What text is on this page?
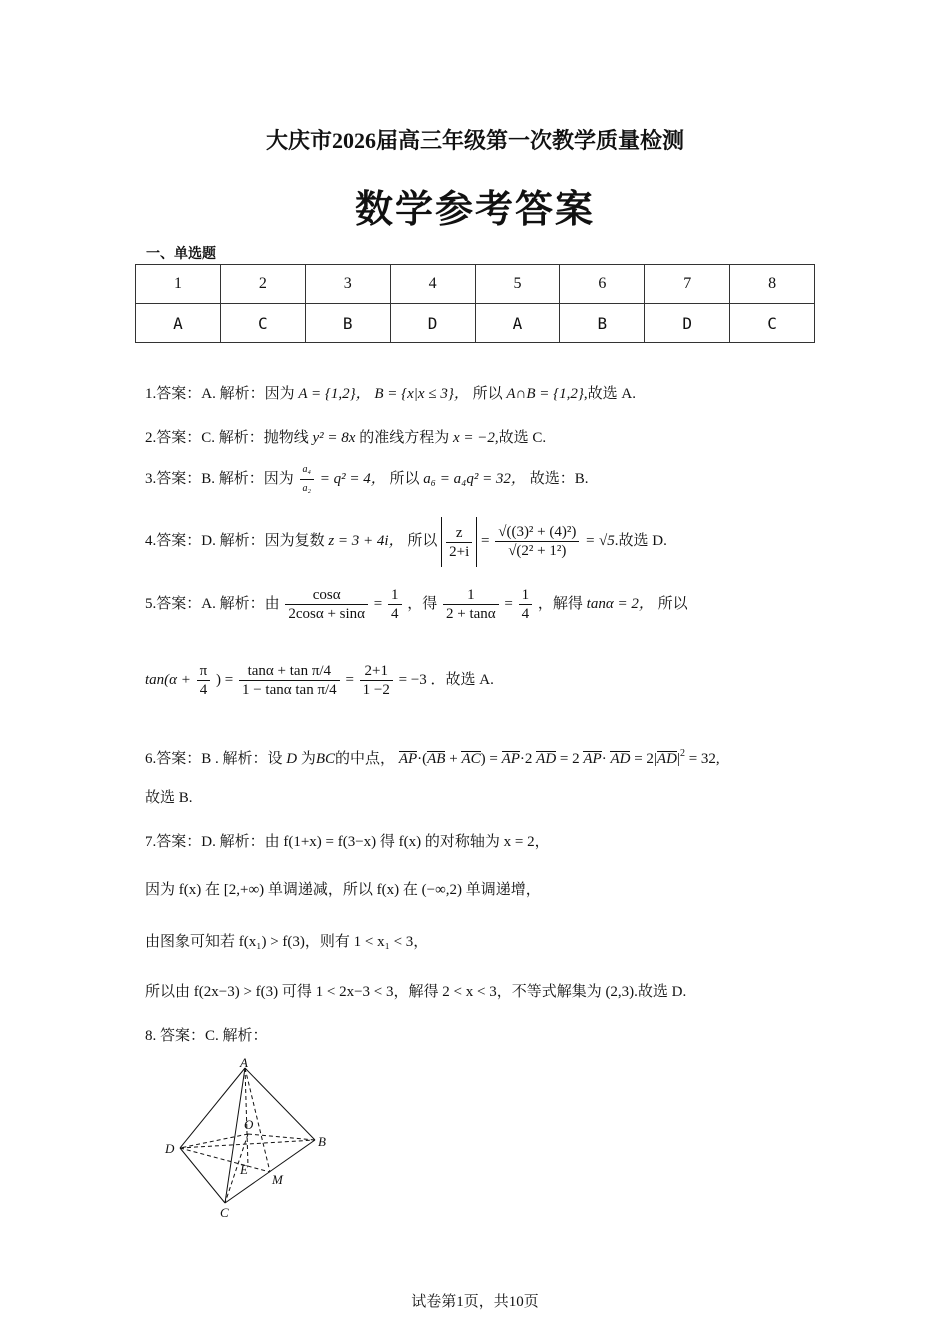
大庆市2026届高三年级第一次教学质量检测
数学参考答案
一、单选题
1	2	3	4	5	6	7	8
A	C	B	D	A	B	D	C
1.答案：A. 解析：因为 A = {1,2}， B = {x|x ≤ 3}， 所以 A∩B = {1,2},故选 A.
2.答案：C. 解析：抛物线 y² = 8x 的准线方程为 x = −2,故选 C.
3.答案：B. 解析：因为 $\frac{\text{a₄}}{\text{a₂}} = q^2 = 4$， 所以 a₆ = a₄q² = 32， 故选：B.
4.答案：D. 解析：因为复数 z = 3 + 4i， 所以 $\frac{z}{2+i} = \frac{\text{√((3)² + (4)²)}}{\text{√(2² + 1²)}} = √5$.故选 D.
5.答案：A. 解析：由 $\frac{\cos\alpha}{2\cos\alpha + \sin\alpha} = \frac{1}{4}$ ，得 $\frac{1}{2 + \tan\alpha} = \frac{1}{4}$ ，解得 tanα = 2， 所以
$\tan(\alpha + \frac{\pi}{4}$ ) = $\frac{\text{tanα + tan π/4}}{\text{1 − tanα tan π/4}} = \frac{2+1}{1 -2} = -3$ ．故选 A.
6.答案：B . 解析：设 D 为BC的中点， AP·(AB + AC) = AP·2 AD = 2 AP· AD = $2|AD|^2 = 32$,
故选 B.
7.答案：D. 解析：由 f(1+x) = f(3−x) 得 f(x) 的对称轴为 x = 2，
因为 f(x) 在 [2,+∞) 单调递减，所以 f(x) 在 (−∞,2) 单调递增，
由图象可知若 f(x₁) > f(3)，则有 1 < x₁ < 3，
所以由 f(2x−3) > f(3) 可得 1 < 2x−3 < 3，解得 2 < x < 3，不等式解集为 (2,3).故选 D.
8. 答案：C. 解析：
A
O
D	B
E
M
C
试卷第1页，共10页
